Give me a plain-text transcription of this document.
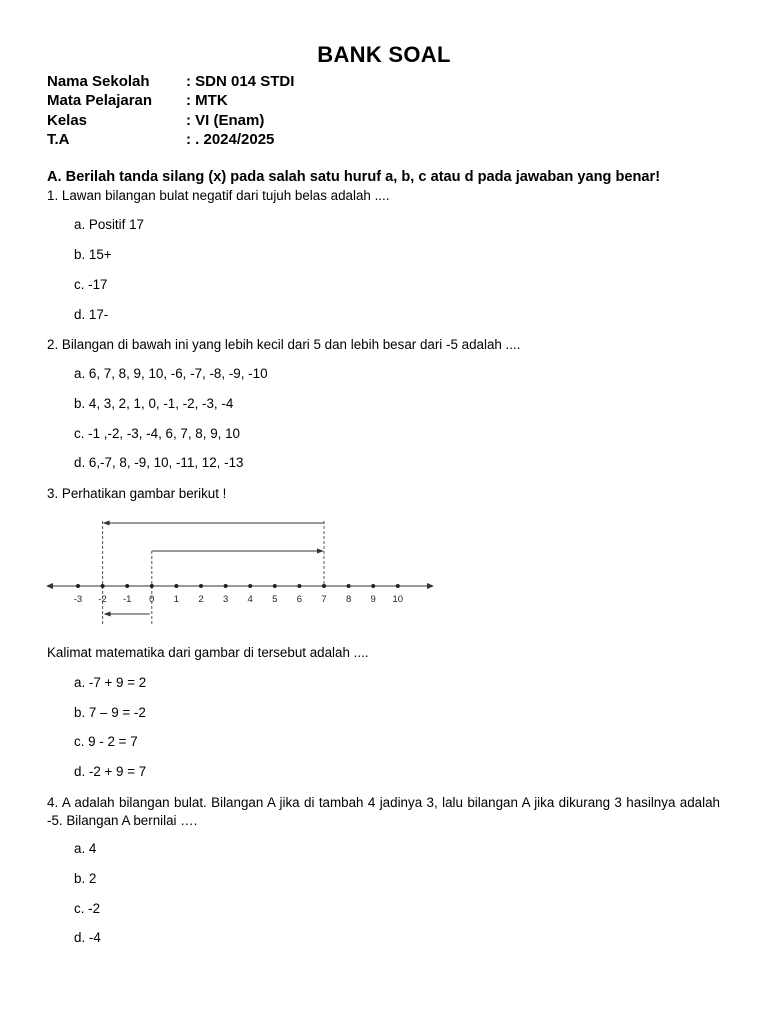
BANK SOAL
Nama Sekolah : SDN 014 STDI
Mata Pelajaran : MTK
Kelas	: VI (Enam)
T.A	: . 2024/2025
A. Berilah tanda silang (x) pada salah satu huruf a, b, c atau d pada jawaban yang benar!
1. Lawan bilangan bulat negatif dari tujuh belas adalah ....
a. Positif 17
b. 15+
c. -17
d. 17-
2. Bilangan di bawah ini yang lebih kecil dari 5 dan lebih besar dari -5 adalah ....
a. 6, 7, 8, 9, 10, -6, -7, -8, -9, -10
b. 4, 3, 2, 1, 0, -1, -2, -3, -4
c. -1 ,-2, -3, -4, 6, 7, 8, 9, 10
d. 6,-7, 8, -9, 10, -11, 12, -13
3. Perhatikan gambar berikut !
-3 -2 -1 0 1 2 3 4 5 6 7 8 9 10
Kalimat matematika dari gambar di tersebut adalah ....
a. -7 + 9 = 2
b. 7 – 9 = -2
c. 9 - 2 = 7
d. -2 + 9 = 7
4. A adalah bilangan bulat. Bilangan A jika di tambah 4 jadinya 3, lalu bilangan A jika dikurang 3 hasilnya adalah -5. Bilangan A bernilai ….
a. 4
b. 2
c. -2
d. -4
